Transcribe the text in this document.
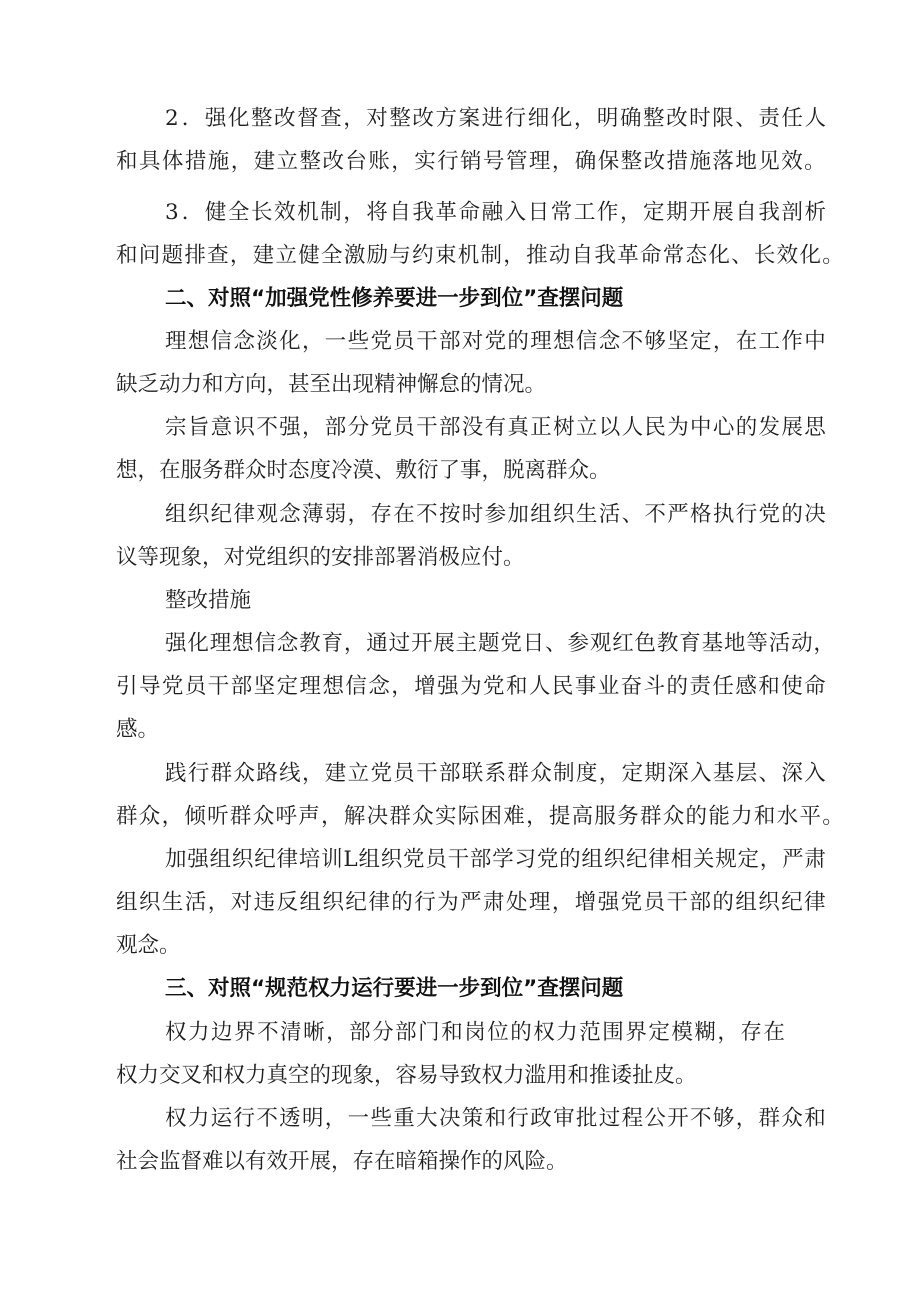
2 ． 强 化 整 改 督 查 ， 对 整 改 方 案 进 行 细 化 ， 明 确 整 改 时 限 、 责 任 人
和 具 体 措 施 ， 建 立 整 改 台 账 ， 实 行 销 号 管 理 ， 确 保 整 改 措 施 落 地 见 效 。
3 ． 健 全 长 效 机 制 ， 将 自 我 革 命 融 入 日 常 工 作 ， 定 期 开 展 自 我 剖 析
和 问 题 排 查 ， 建 立 健 全 激 励 与 约 束 机 制 ， 推 动 自 我 革 命 常 态 化 、 长 效 化 。
二、对照“加强党性修养要进一步到位”查摆问题
理 想 信 念 淡 化 ， 一 些 党 员 干 部 对 党 的 理 想 信 念 不 够 坚 定 ， 在 工 作 中
缺乏动力和方向，甚至出现精神懈怠的情况。
宗 旨 意 识 不 强 ， 部 分 党 员 干 部 没 有 真 正 树 立 以 人 民 为 中 心 的 发 展 思
想，在服务群众时态度冷漠、敷衍了事，脱离群众。
组 织 纪 律 观 念 薄 弱 ， 存 在 不 按 时 参 加 组 织 生 活 、 不 严 格 执 行 党 的 决
议等现象，对党组织的安排部署消极应付。
整改措施
强 化 理 想 信 念 教 育 ， 通 过 开 展 主 题 党 日 、 参 观 红 色 教 育 基 地 等 活 动 ，
引 导 党 员 干 部 坚 定 理 想 信 念 ， 增 强 为 党 和 人 民 事 业 奋 斗 的 责 任 感 和 使 命
感。
践 行 群 众 路 线 ， 建 立 党 员 干 部 联 系 群 众 制 度 ， 定 期 深 入 基 层 、 深 入
群 众 ， 倾 听 群 众 呼 声 ， 解 决 群 众 实 际 困 难 ， 提 高 服 务 群 众 的 能 力 和 水 平 。
加 强 组 织 纪 律 培 训 L 组 织 党 员 干 部 学 习 党 的 组 织 纪 律 相 关 规 定 ， 严 肃
组 织 生 活 ， 对 违 反 组 织 纪 律 的 行 为 严 肃 处 理 ， 增 强 党 员 干 部 的 组 织 纪 律
观念。
三、对照“规范权力运行要进一步到位”查摆问题
权 力 边 界 不 清 晰 ， 部 分 部 门 和 岗 位 的 权 力 范 围 界 定 模 糊 ， 存 在
权力交叉和权力真空的现象，容易导致权力滥用和推诿扯皮。
权 力 运 行 不 透 明 ， 一 些 重 大 决 策 和 行 政 审 批 过 程 公 开 不 够 ， 群 众 和
社会监督难以有效开展，存在暗箱操作的风险。
